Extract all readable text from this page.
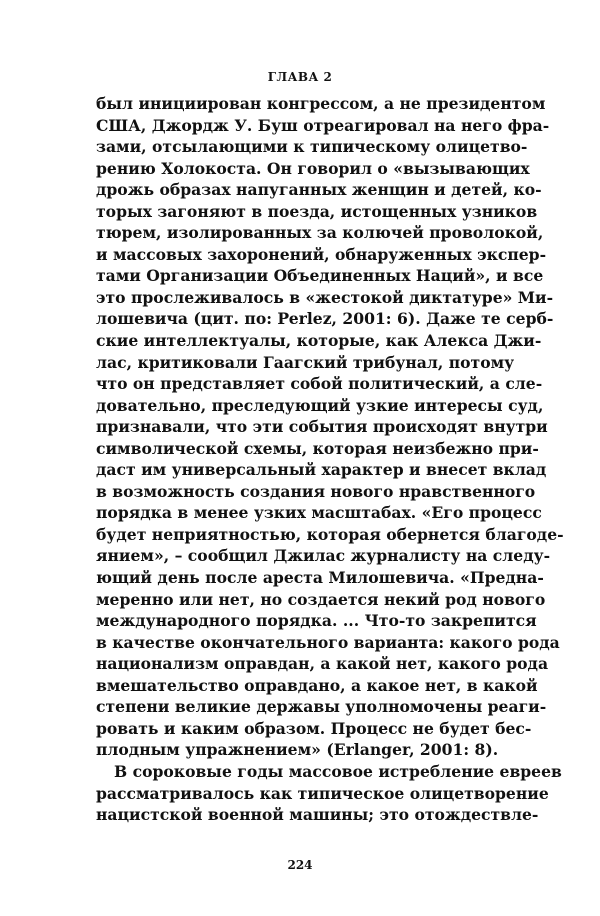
ГЛАВА 2
был инициирован конгрессом, а не президентом
США, Джордж У. Буш отреагировал на него фра-
зами, отсылающими к типическому олицетво-
рению Холокоста. Он говорил о «вызывающих
дрожь образах напуганных женщин и детей, ко-
торых загоняют в поезда, истощенных узников
тюрем, изолированных за колючей проволокой,
и массовых захоронений, обнаруженных экспер-
тами Организации Объединенных Наций», и все
это прослеживалось в «жестокой диктатуре» Ми-
лошевича (цит. по: Perlez, 2001: 6). Даже те серб-
ские интеллектуалы, которые, как Алекса Джи-
лас, критиковали Гаагский трибунал, потому
что он представляет собой политический, а сле-
довательно, преследующий узкие интересы суд,
признавали, что эти события происходят внутри
символической схемы, которая неизбежно при-
даст им универсальный характер и внесет вклад
в возможность создания нового нравственного
порядка в менее узких масштабах. «Его процесс
будет неприятностью, которая обернется благоде-
янием», – сообщил Джилас журналисту на следу-
ющий день после ареста Милошевича. «Предна-
меренно или нет, но создается некий род нового
международного порядка. ... Что-то закрепится
в качестве окончательного варианта: какого рода
национализм оправдан, а какой нет, какого рода
вмешательство оправдано, а какое нет, в какой
степени великие державы уполномочены реаги-
ровать и каким образом. Процесс не будет бес-
плодным упражнением» (Erlanger, 2001: 8).
В сороковые годы массовое истребление евреев
рассматривалось как типическое олицетворение
нацистской военной машины; это отождествле-
224
